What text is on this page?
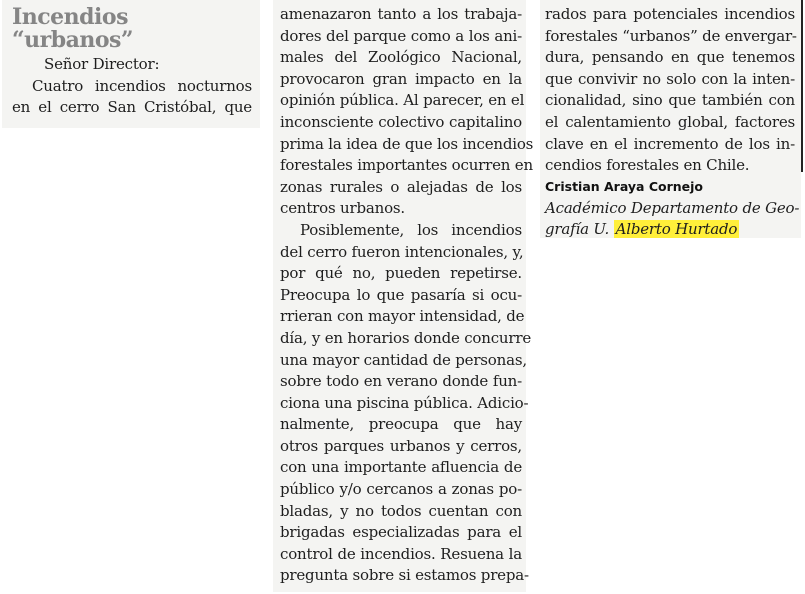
Incendios
“urbanos”
Señor Director:
Cuatro incendios nocturnos
en el cerro San Cristóbal, que
amenazaron tanto a los trabaja-
dores del parque como a los ani-
males del Zoológico Nacional,
provocaron gran impacto en la
opinión pública. Al parecer, en el
inconsciente colectivo capitalino
prima la idea de que los incendios
forestales importantes ocurren en
zonas rurales o alejadas de los
centros urbanos.
Posiblemente, los incendios
del cerro fueron intencionales, y,
por qué no, pueden repetirse.
Preocupa lo que pasaría si ocu-
rrieran con mayor intensidad, de
día, y en horarios donde concurre
una mayor cantidad de personas,
sobre todo en verano donde fun-
ciona una piscina pública. Adicio-
nalmente, preocupa que hay
otros parques urbanos y cerros,
con una importante afluencia de
público y/o cercanos a zonas po-
bladas, y no todos cuentan con
brigadas especializadas para el
control de incendios. Resuena la
pregunta sobre si estamos prepa-
rados para potenciales incendios
forestales “urbanos” de envergar-
dura, pensando en que tenemos
que convivir no solo con la inten-
cionalidad, sino que también con
el calentamiento global, factores
clave en el incremento de los in-
cendios forestales en Chile.
Cristian Araya Cornejo
Académico Departamento de Geo-
grafía U. Alberto Hurtado
